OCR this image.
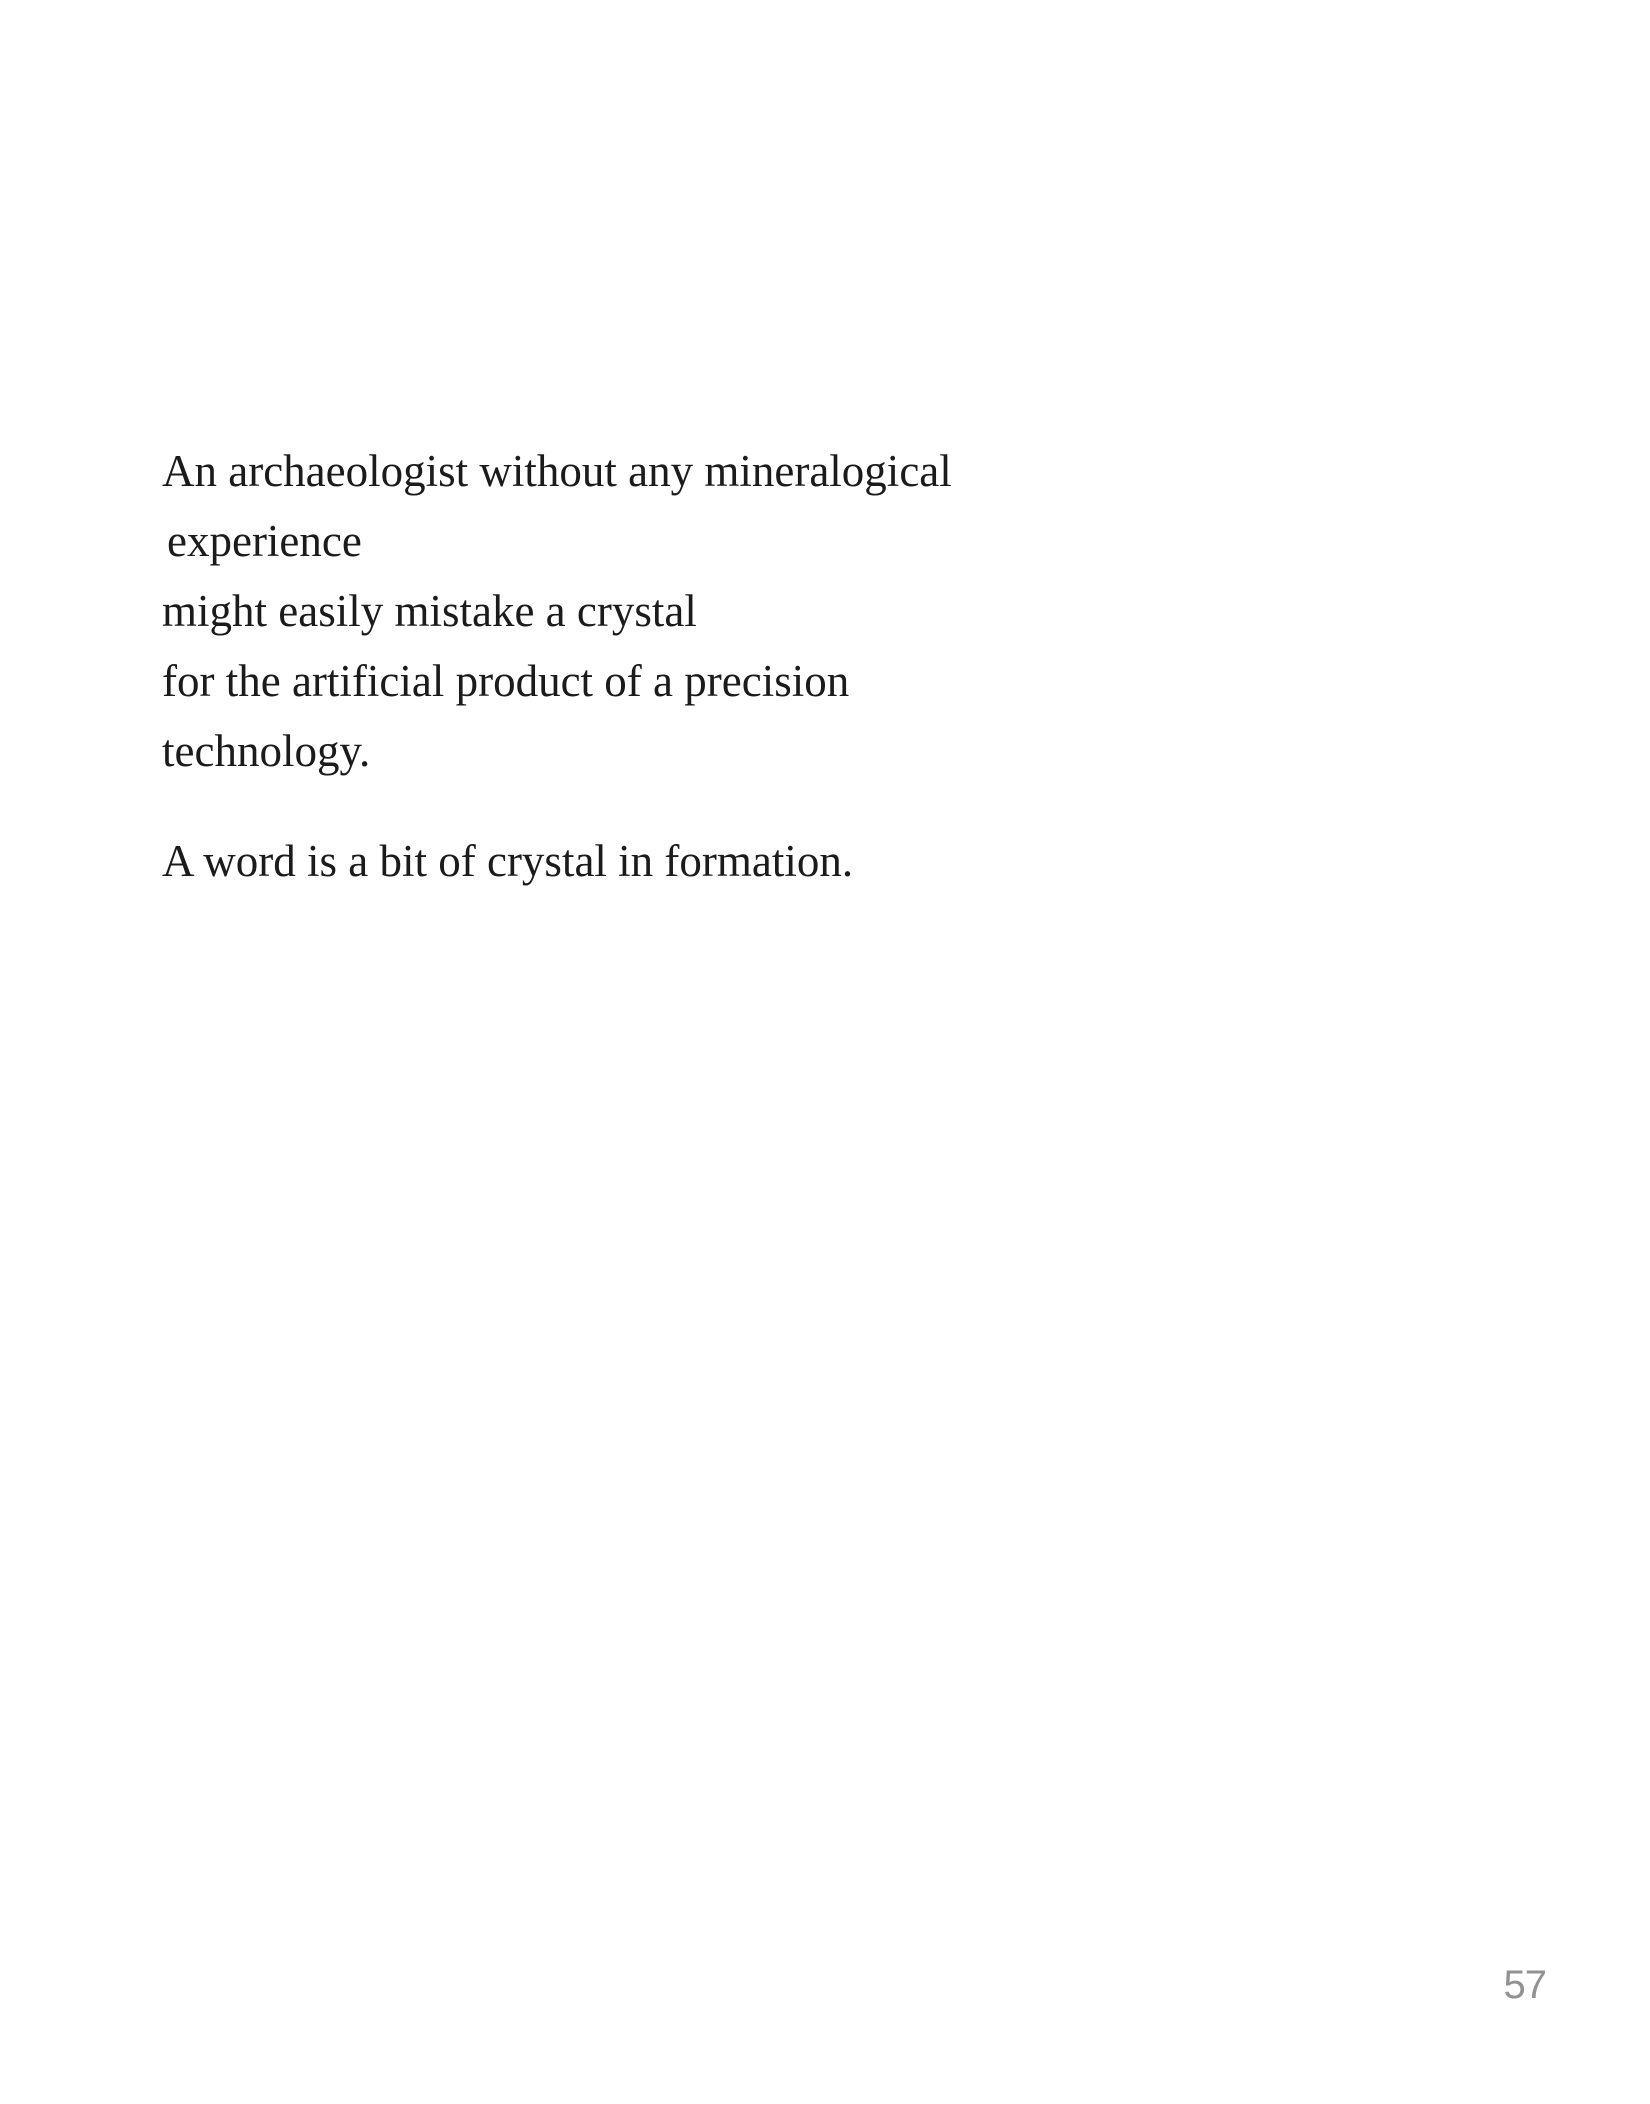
An archaeologist without any mineralogical
experience
might easily mistake a crystal
for the artificial product of a precision
technology.
A word is a bit of crystal in formation.
57
